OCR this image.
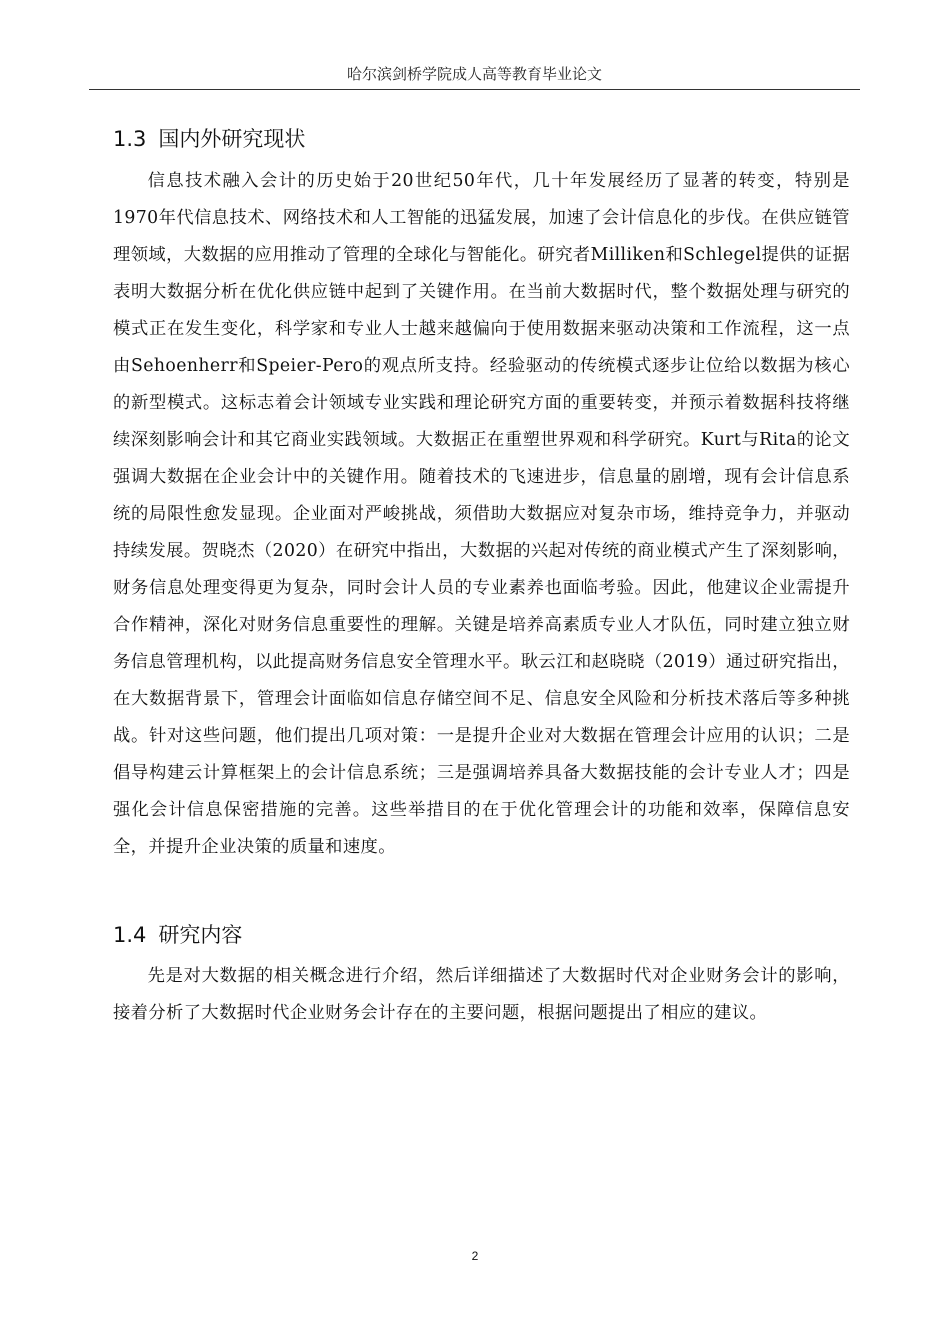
哈尔滨剑桥学院成人高等教育毕业论文
1.3 国内外研究现状

信息技术融入会计的历史始于20世纪50年代，几十年发展经历了显著的转变，特别是1970年代信息技术、网络技术和人工智能的迅猛发展，加速了会计信息化的步伐。在供应链管理领域，大数据的应用推动了管理的全球化与智能化。研究者Milliken和Schlegel提供的证据表明大数据分析在优化供应链中起到了关键作用。在当前大数据时代，整个数据处理与研究的模式正在发生变化，科学家和专业人士越来越偏向于使用数据来驱动决策和工作流程，这一点由Sehoenherr和Speier-Pero的观点所支持。经验驱动的传统模式逐步让位给以数据为核心的新型模式。这标志着会计领域专业实践和理论研究方面的重要转变，并预示着数据科技将继续深刻影响会计和其它商业实践领域。大数据正在重塑世界观和科学研究。Kurt与Rita的论文强调大数据在企业会计中的关键作用。随着技术的飞速进步，信息量的剧增，现有会计信息系统的局限性愈发显现。企业面对严峻挑战，须借助大数据应对复杂市场，维持竞争力，并驱动持续发展。贺晓杰（2020）在研究中指出，大数据的兴起对传统的商业模式产生了深刻影响，财务信息处理变得更为复杂，同时会计人员的专业素养也面临考验。因此，他建议企业需提升合作精神，深化对财务信息重要性的理解。关键是培养高素质专业人才队伍，同时建立独立财务信息管理机构，以此提高财务信息安全管理水平。耿云江和赵晓晓（2019）通过研究指出，在大数据背景下，管理会计面临如信息存储空间不足、信息安全风险和分析技术落后等多种挑战。针对这些问题，他们提出几项对策：一是提升企业对大数据在管理会计应用的认识；二是倡导构建云计算框架上的会计信息系统；三是强调培养具备大数据技能的会计专业人才；四是强化会计信息保密措施的完善。这些举措目的在于优化管理会计的功能和效率，保障信息安全，并提升企业决策的质量和速度。

1.4 研究内容

先是对大数据的相关概念进行介绍，然后详细描述了大数据时代对企业财务会计的影响，接着分析了大数据时代企业财务会计存在的主要问题，根据问题提出了相应的建议。

2
